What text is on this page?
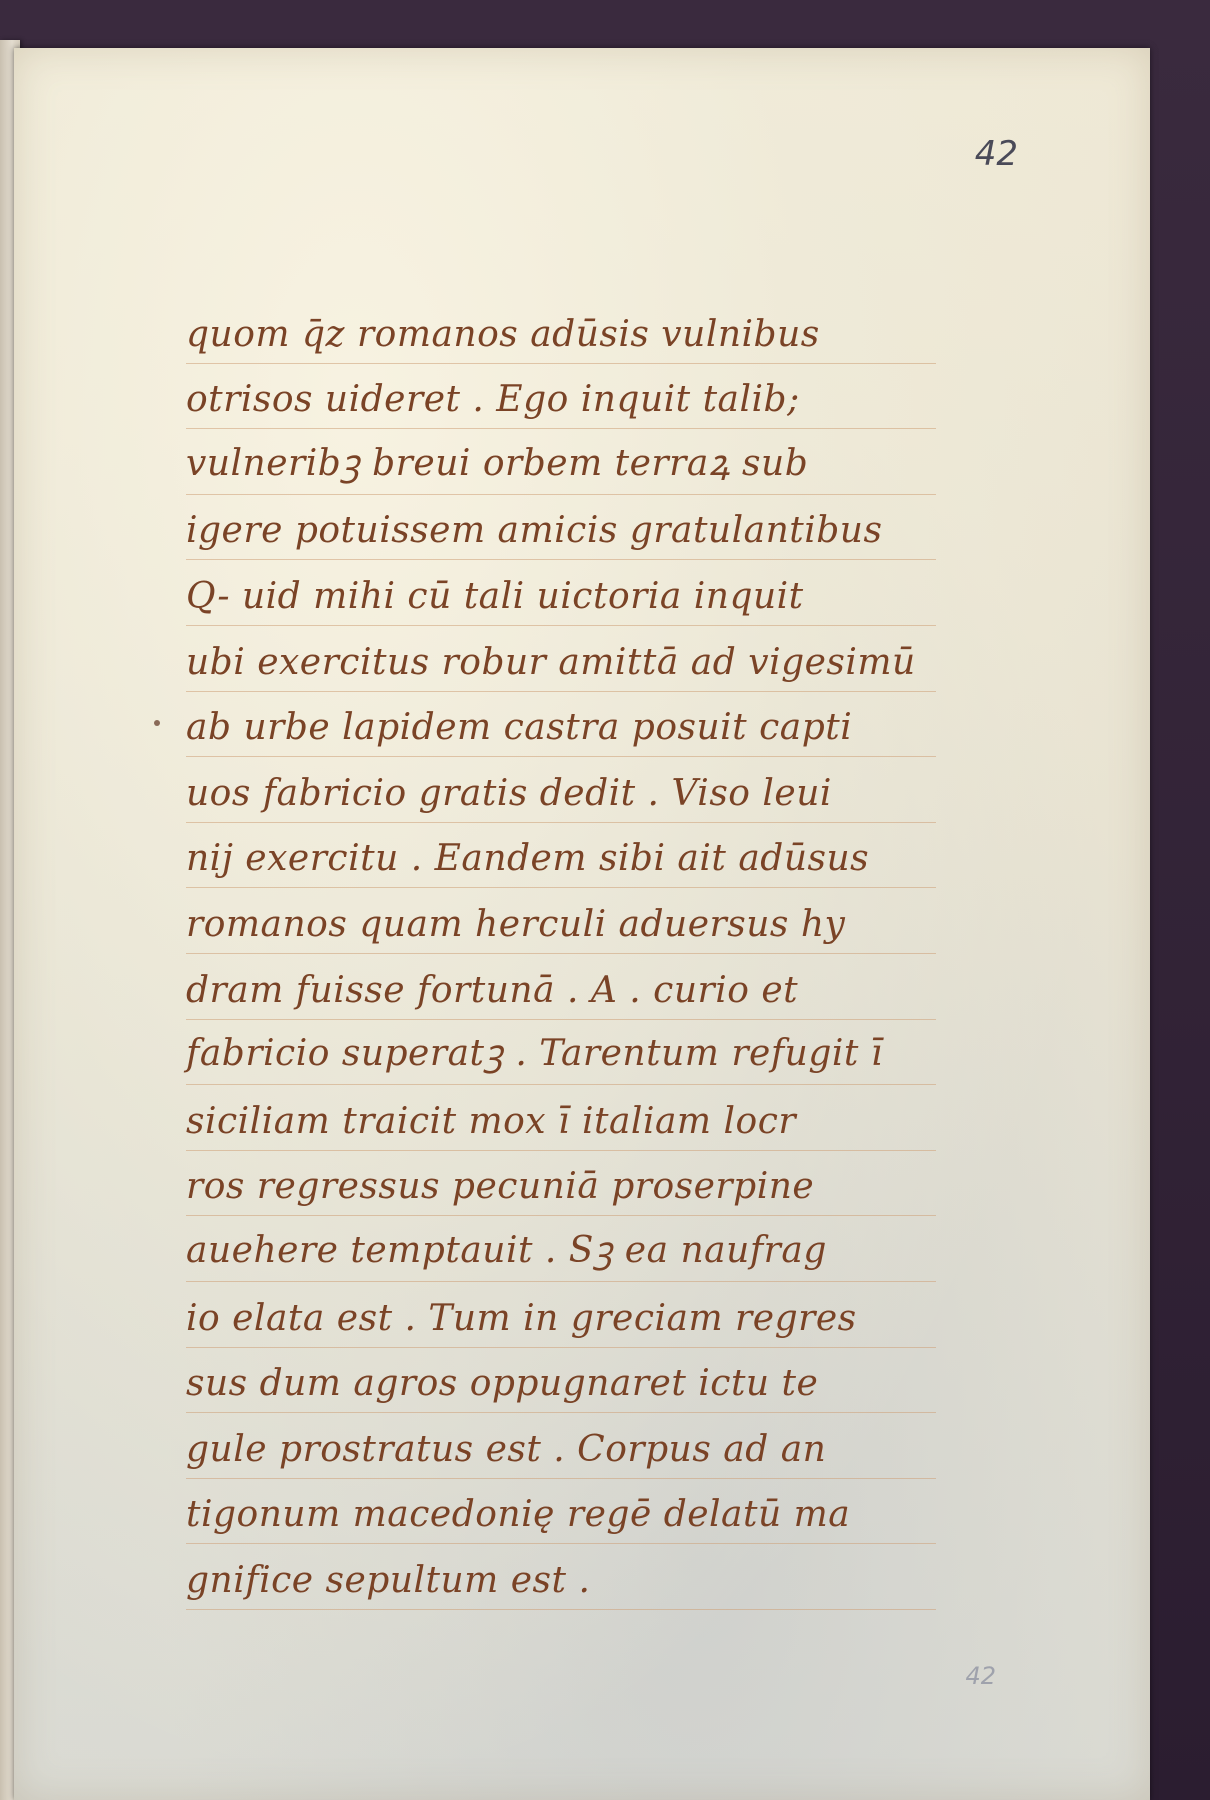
42
42
quom q̄z romanos adūsis vulnibus
otrisos uideret . Ego inquit talib;
vulneribꝫ breui orbem terraꝝ sub
igere potuissem amicis gratulantibus
Q- uid mihi cū tali uictoria inquit
ubi exercitus robur amittā ad vigesimū
ab urbe lapidem castra posuit capti
uos fabricio gratis dedit . Viso leui
nij exercitu . Eandem sibi ait adūsus
romanos quam herculi aduersus hy
dram fuisse fortunā . A . curio et
fabricio superatꝫ . Tarentum refugit ī
siciliam traicit mox ī italiam locr
ros regressus pecuniā proserpine
auehere temptauit . Sꝫ ea naufrag
io elata est . Tum in greciam regres
sus dum agros oppugnaret ictu te
gule prostratus est . Corpus ad an
tigonum macedonię regē delatū ma
gnifice sepultum est .
